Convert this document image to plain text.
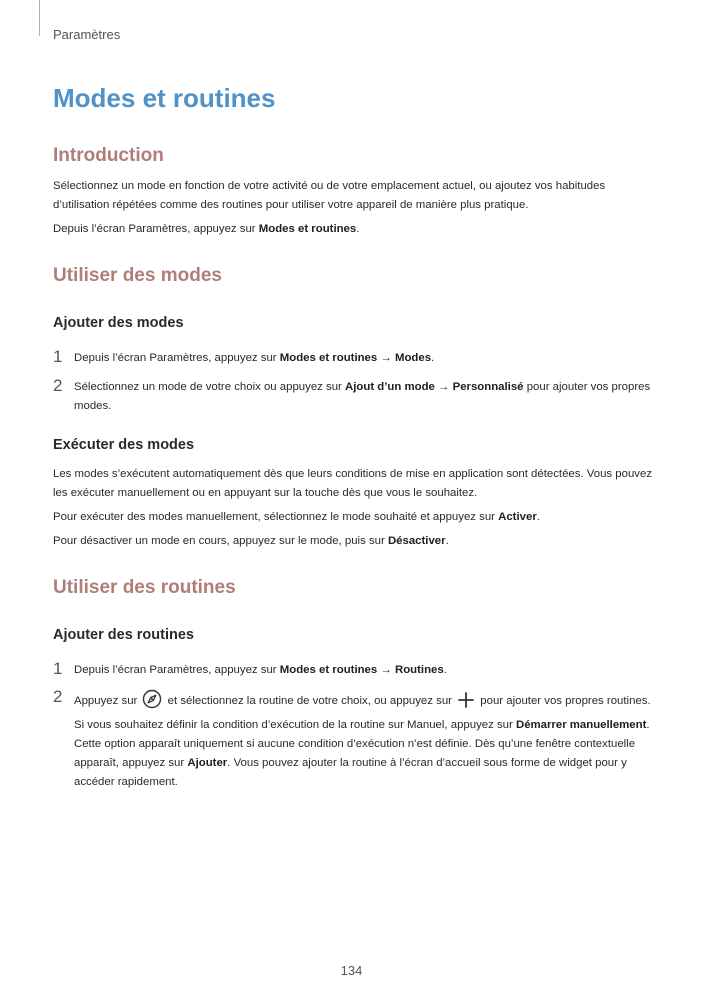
Paramètres
Modes et routines
Introduction

Sélectionnez un mode en fonction de votre activité ou de votre emplacement actuel, ou ajoutez vos habitudes d’utilisation répétées comme des routines pour utiliser votre appareil de manière plus pratique.

Depuis l’écran Paramètres, appuyez sur Modes et routines.

Utiliser des modes
Ajouter des modes
1 Depuis l’écran Paramètres, appuyez sur Modes et routines → Modes.

2 Sélectionnez un mode de votre choix ou appuyez sur Ajout d’un mode → Personnalisé pour ajouter vos propres modes.

Exécuter des modes

Les modes s’exécutent automatiquement dès que leurs conditions de mise en application sont détectées. Vous pouvez les exécuter manuellement ou en appuyant sur la touche dès que vous le souhaitez.

Pour exécuter des modes manuellement, sélectionnez le mode souhaité et appuyez sur Activer.

Pour désactiver un mode en cours, appuyez sur le mode, puis sur Désactiver.

Utiliser des routines
Ajouter des routines
1 Depuis l’écran Paramètres, appuyez sur Modes et routines → Routines.

2 Appuyez sur  et sélectionnez la routine de votre choix, ou appuyez sur  pour ajouter vos propres routines.

Si vous souhaitez définir la condition d’exécution de la routine sur Manuel, appuyez sur Démarrer manuellement. Cette option apparaît uniquement si aucune condition d’exécution n’est définie. Dès qu’une fenêtre contextuelle apparaît, appuyez sur Ajouter. Vous pouvez ajouter la routine à l’écran d’accueil sous forme de widget pour y accéder rapidement.

134
